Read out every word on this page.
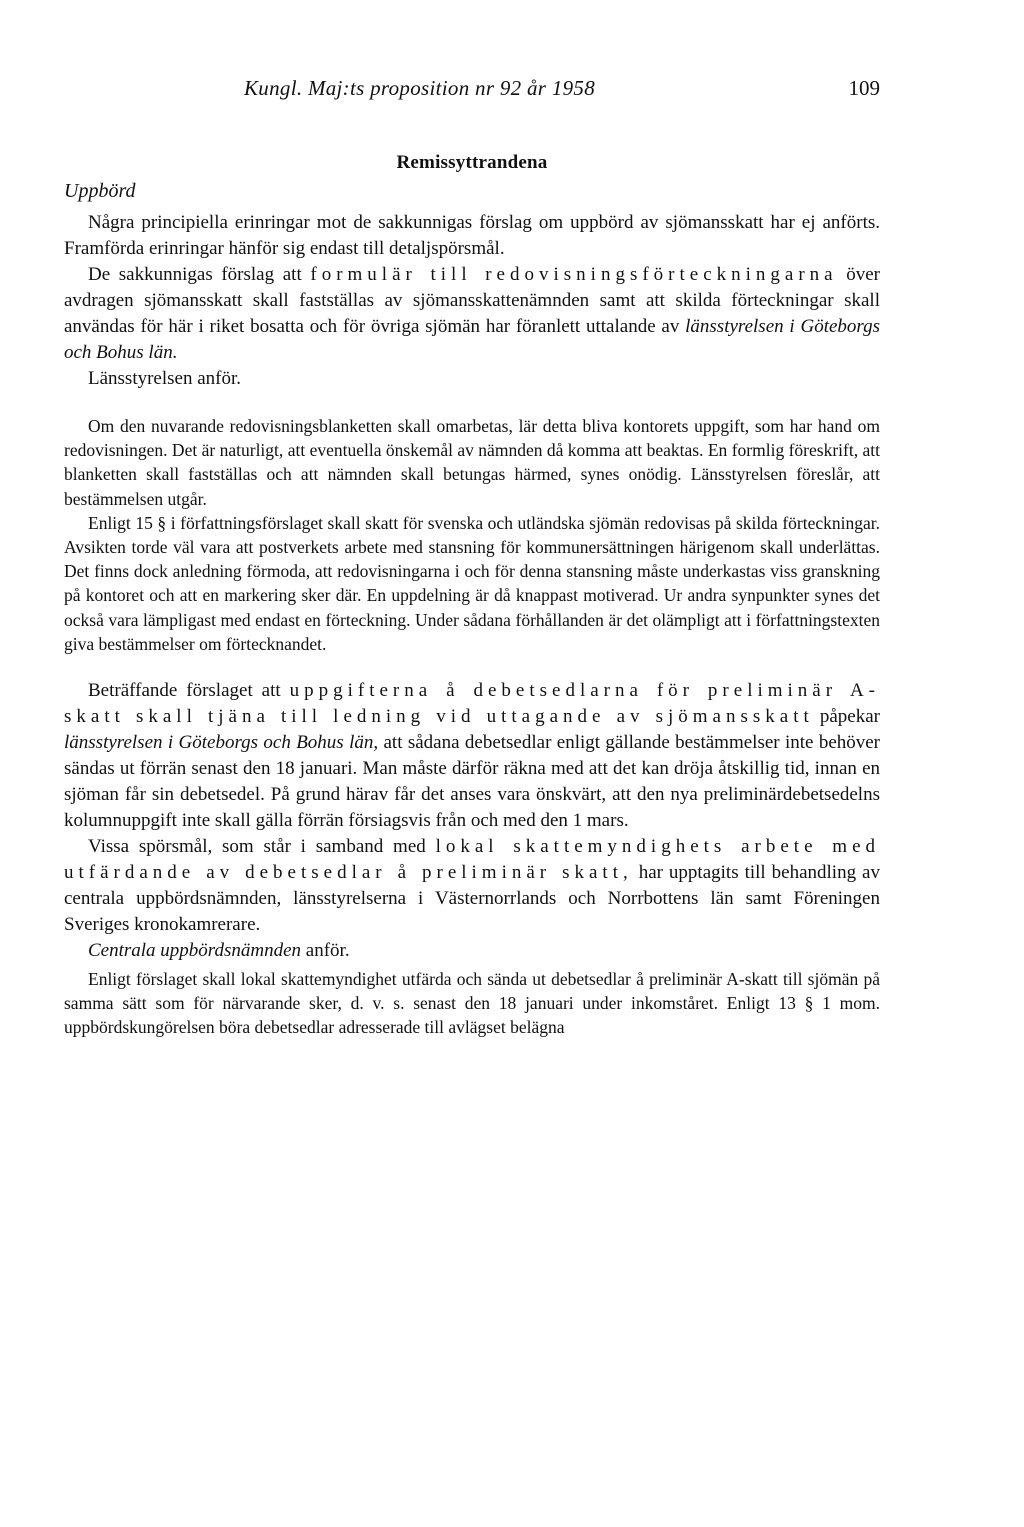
Kungl. Maj:ts proposition nr 92 år 1958	109
Remissyttrandena
Uppbörd

Några principiella erinringar mot de sakkunnigas förslag om uppbörd av sjömansskatt har ej anförts. Framförda erinringar hänför sig endast till detaljspörsmål.

De sakkunnigas förslag att formulär till redovisningsförteckningarna över avdragen sjömansskatt skall fastställas av sjömansskattenämnden samt att skilda förteckningar skall användas för här i riket bosatta och för övriga sjömän har föranlett uttalande av länsstyrelsen i Göteborgs och Bohus län.

Länsstyrelsen anför.

Om den nuvarande redovisningsblanketten skall omarbetas, lär detta bliva kontorets uppgift, som har hand om redovisningen. Det är naturligt, att eventuella önskemål av nämnden då komma att beaktas. En formlig föreskrift, att blanketten skall fastställas och att nämnden skall betungas härmed, synes onödig. Länsstyrelsen föreslår, att bestämmelsen utgår.

Enligt 15 § i författningsförslaget skall skatt för svenska och utländska sjömän redovisas på skilda förteckningar. Avsikten torde väl vara att postverkets arbete med stansning för kommunersättningen härigenom skall underlättas. Det finns dock anledning förmoda, att redovisningarna i och för denna stansning måste underkastas viss granskning på kontoret och att en markering sker där. En uppdelning är då knappast motiverad. Ur andra synpunkter synes det också vara lämpligast med endast en förteckning. Under sådana förhållanden är det olämpligt att i författningstexten giva bestämmelser om förtecknandet.

Beträffande förslaget att uppgifterna å debetsedlarna för preliminär A-skatt skall tjäna till ledning vid uttagande av sjömansskatt påpekar länsstyrelsen i Göteborgs och Bohus län, att sådana debetsedlar enligt gällande bestämmelser inte behöver sändas ut förrän senast den 18 januari. Man måste därför räkna med att det kan dröja åtskillig tid, innan en sjöman får sin debetsedel. På grund härav får det anses vara önskvärt, att den nya preliminärdebetsedelns kolumnuppgift inte skall gälla förrän försiagsvis från och med den 1 mars.

Vissa spörsmål, som står i samband med lokal skattemyndighets arbete med utfärdande av debetsedlar å preliminär skatt, har upptagits till behandling av centrala uppbördsnämnden, länsstyrelserna i Västernorrlands och Norrbottens län samt Föreningen Sveriges kronokamrerare.

Centrala uppbördsnämnden anför.

Enligt förslaget skall lokal skattemyndighet utfärda och sända ut debetsedlar å preliminär A-skatt till sjömän på samma sätt som för närvarande sker, d. v. s. senast den 18 januari under inkomståret. Enligt 13 § 1 mom. uppbördskungörelsen böra debetsedlar adresserade till avlägset belägna
